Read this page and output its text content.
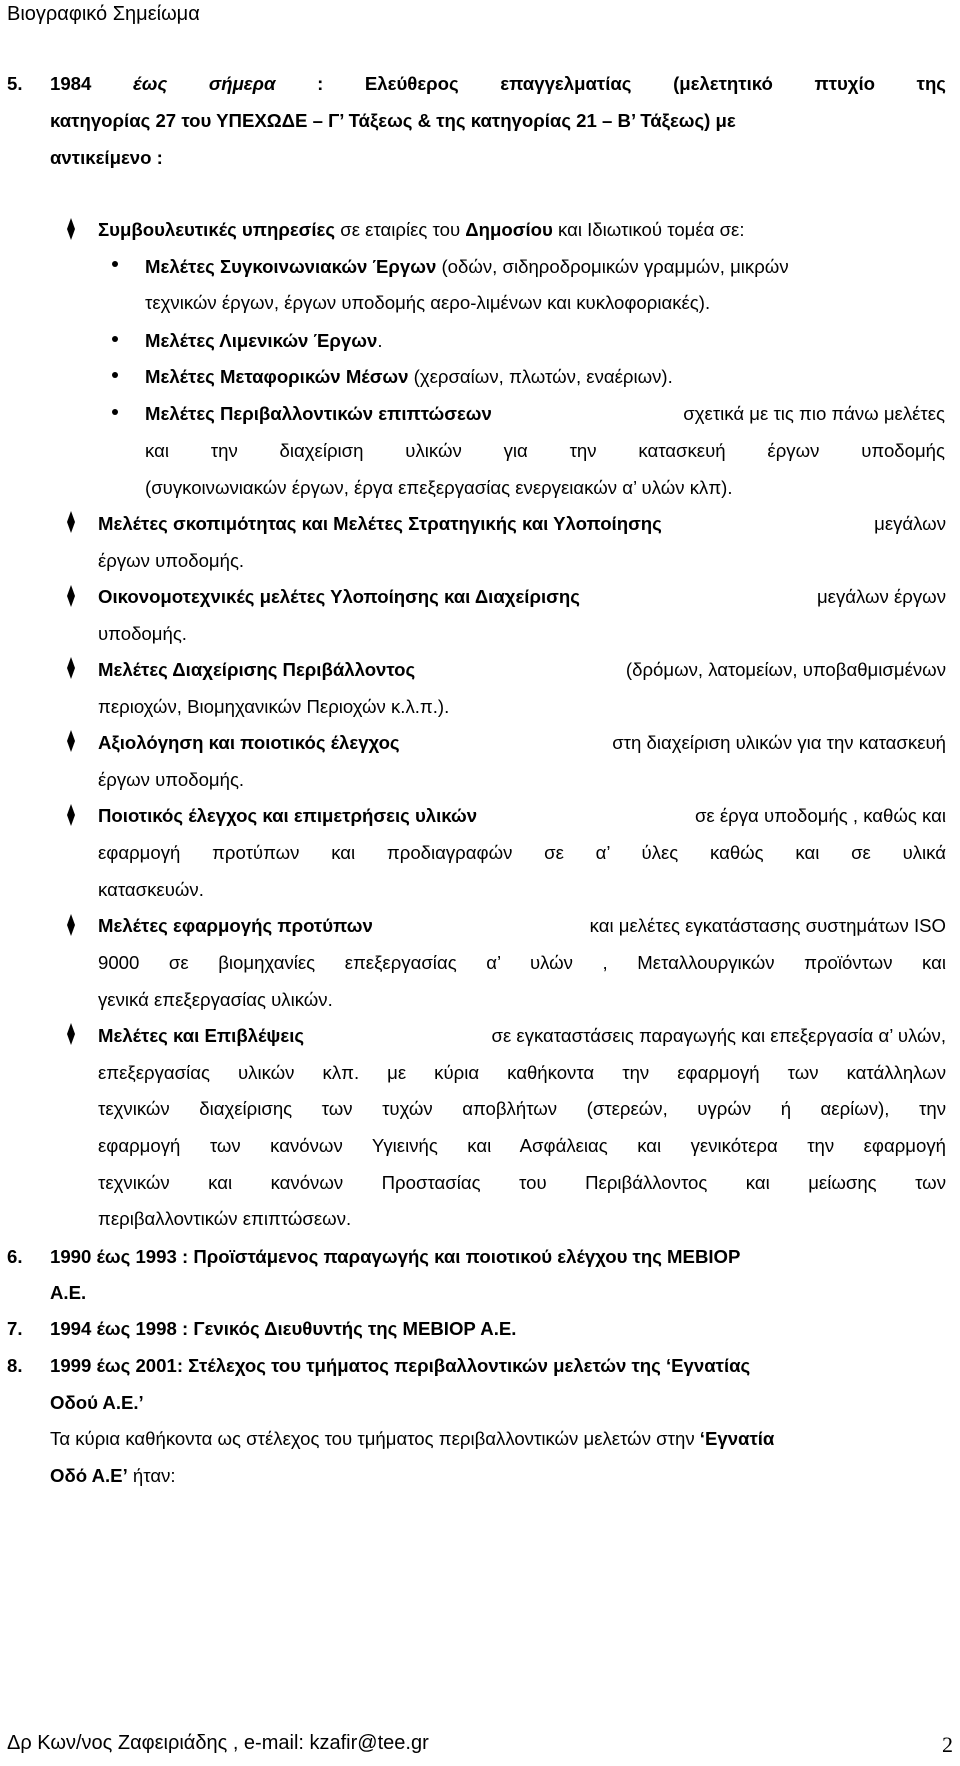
Βιογραφικό Σημείωμα
5. 1984 έως σήμερα : Ελεύθερος επαγγελματίας (μελετητικό πτυχίο της
κατηγορίας 27 του ΥΠΕΧΩΔΕ – Γ’ Τάξεως & της κατηγορίας 21 – Β’ Τάξεως) με
αντικείμενο :
Συμβουλευτικές υπηρεσίες σε εταιρίες του Δημοσίου και Ιδιωτικού τομέα σε:
Μελέτες Συγκοινωνιακών Έργων (οδών, σιδηροδρομικών γραμμών, μικρών
τεχνικών έργων, έργων υποδομής αερο-λιμένων και κυκλοφοριακές).
Μελέτες Λιμενικών Έργων.
Μελέτες Μεταφορικών Μέσων (χερσαίων, πλωτών, εναέριων).
Μελέτες Περιβαλλοντικών επιπτώσεων	σχετικά με τις πιο πάνω μελέτες
και την διαχείριση υλικών για την κατασκευή έργων υποδομής
(συγκοινωνιακών έργων, έργα επεξεργασίας ενεργειακών α’ υλών κλπ).
Μελέτες σκοπιμότητας και Μελέτες Στρατηγικής και Υλοποίησης	μεγάλων
έργων υποδομής.
Οικονομοτεχνικές μελέτες Υλοποίησης και Διαχείρισης	μεγάλων έργων
υποδομής.
Μελέτες Διαχείρισης Περιβάλλοντος	(δρόμων, λατομείων, υποβαθμισμένων
περιοχών, Βιομηχανικών Περιοχών κ.λ.π.).
Αξιολόγηση και ποιοτικός έλεγχος	στη διαχείριση υλικών για την κατασκευή
έργων υποδομής.
Ποιοτικός έλεγχος και επιμετρήσεις υλικών	σε έργα υποδομής , καθώς και
εφαρμογή προτύπων και προδιαγραφών σε α’ ύλες καθώς και σε υλικά
κατασκευών.
Μελέτες εφαρμογής προτύπων	και μελέτες εγκατάστασης συστημάτων ISO
9000 σε βιομηχανίες επεξεργασίας α’ υλών , Μεταλλουργικών προϊόντων και
γενικά επεξεργασίας υλικών.
Μελέτες και Επιβλέψεις	σε εγκαταστάσεις παραγωγής και επεξεργασία α’ υλών,
επεξεργασίας υλικών κλπ. με κύρια καθήκοντα την εφαρμογή των κατάλληλων
τεχνικών διαχείρισης των τυχών αποβλήτων (στερεών, υγρών ή αερίων), την
εφαρμογή των κανόνων Υγιεινής και Ασφάλειας και γενικότερα την εφαρμογή
τεχνικών και κανόνων Προστασίας του Περιβάλλοντος και μείωσης των
περιβαλλοντικών επιπτώσεων.
6. 1990 έως 1993 : Προϊστάμενος παραγωγής και ποιοτικού ελέγχου της ΜΕΒΙΟΡ
Α.Ε.
7. 1994 έως 1998 : Γενικός Διευθυντής της ΜΕΒΙΟΡ Α.Ε.
8. 1999 έως 2001: Στέλεχος του τμήματος περιβαλλοντικών μελετών της ‘Εγνατίας
Οδού Α.Ε.’
Τα κύρια καθήκοντα ως στέλεχος του τμήματος περιβαλλοντικών μελετών στην ‘Εγνατία
Οδό Α.Ε’ ήταν:
Δρ Κων/νος Ζαφειριάδης , e-mail: kzafir@tee.gr	2
